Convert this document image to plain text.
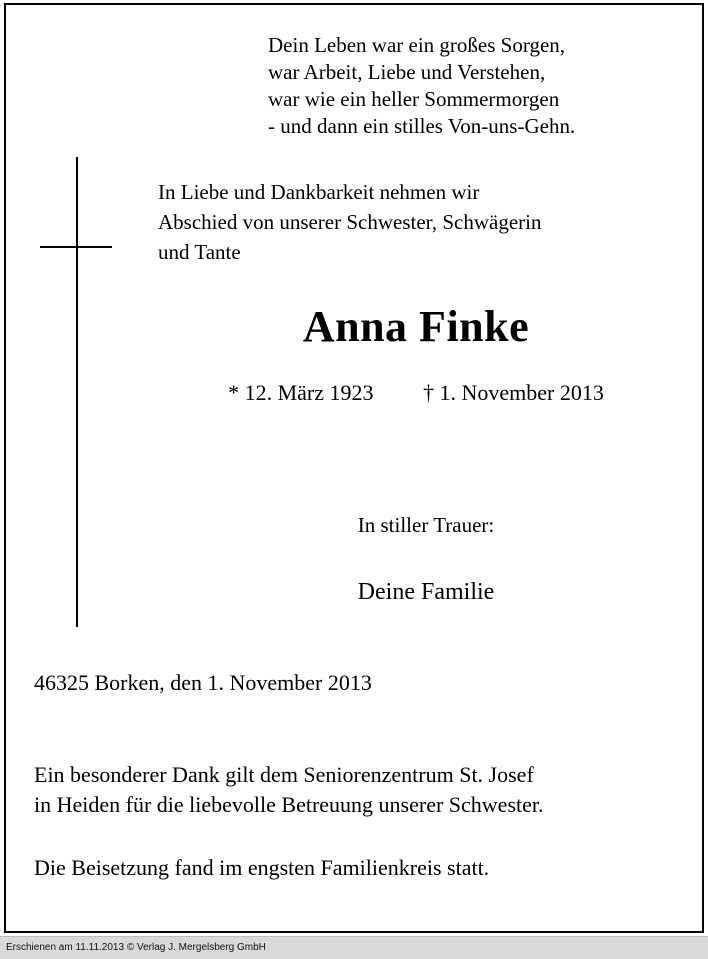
Dein Leben war ein großes Sorgen,
war Arbeit, Liebe und Verstehen,
war wie ein heller Sommermorgen
- und dann ein stilles Von-uns-Gehn.
In Liebe und Dankbarkeit nehmen wir
Abschied von unserer Schwester, Schwägerin
und Tante
Anna Finke
* 12. März 1923 † 1. November 2013
In stiller Trauer:
Deine Familie
46325 Borken, den 1. November 2013
Ein besonderer Dank gilt dem Seniorenzentrum St. Josef
in Heiden für die liebevolle Betreuung unserer Schwester.
Die Beisetzung fand im engsten Familienkreis statt.
Erschienen am 11.11.2013 © Verlag J. Mergelsberg GmbH
